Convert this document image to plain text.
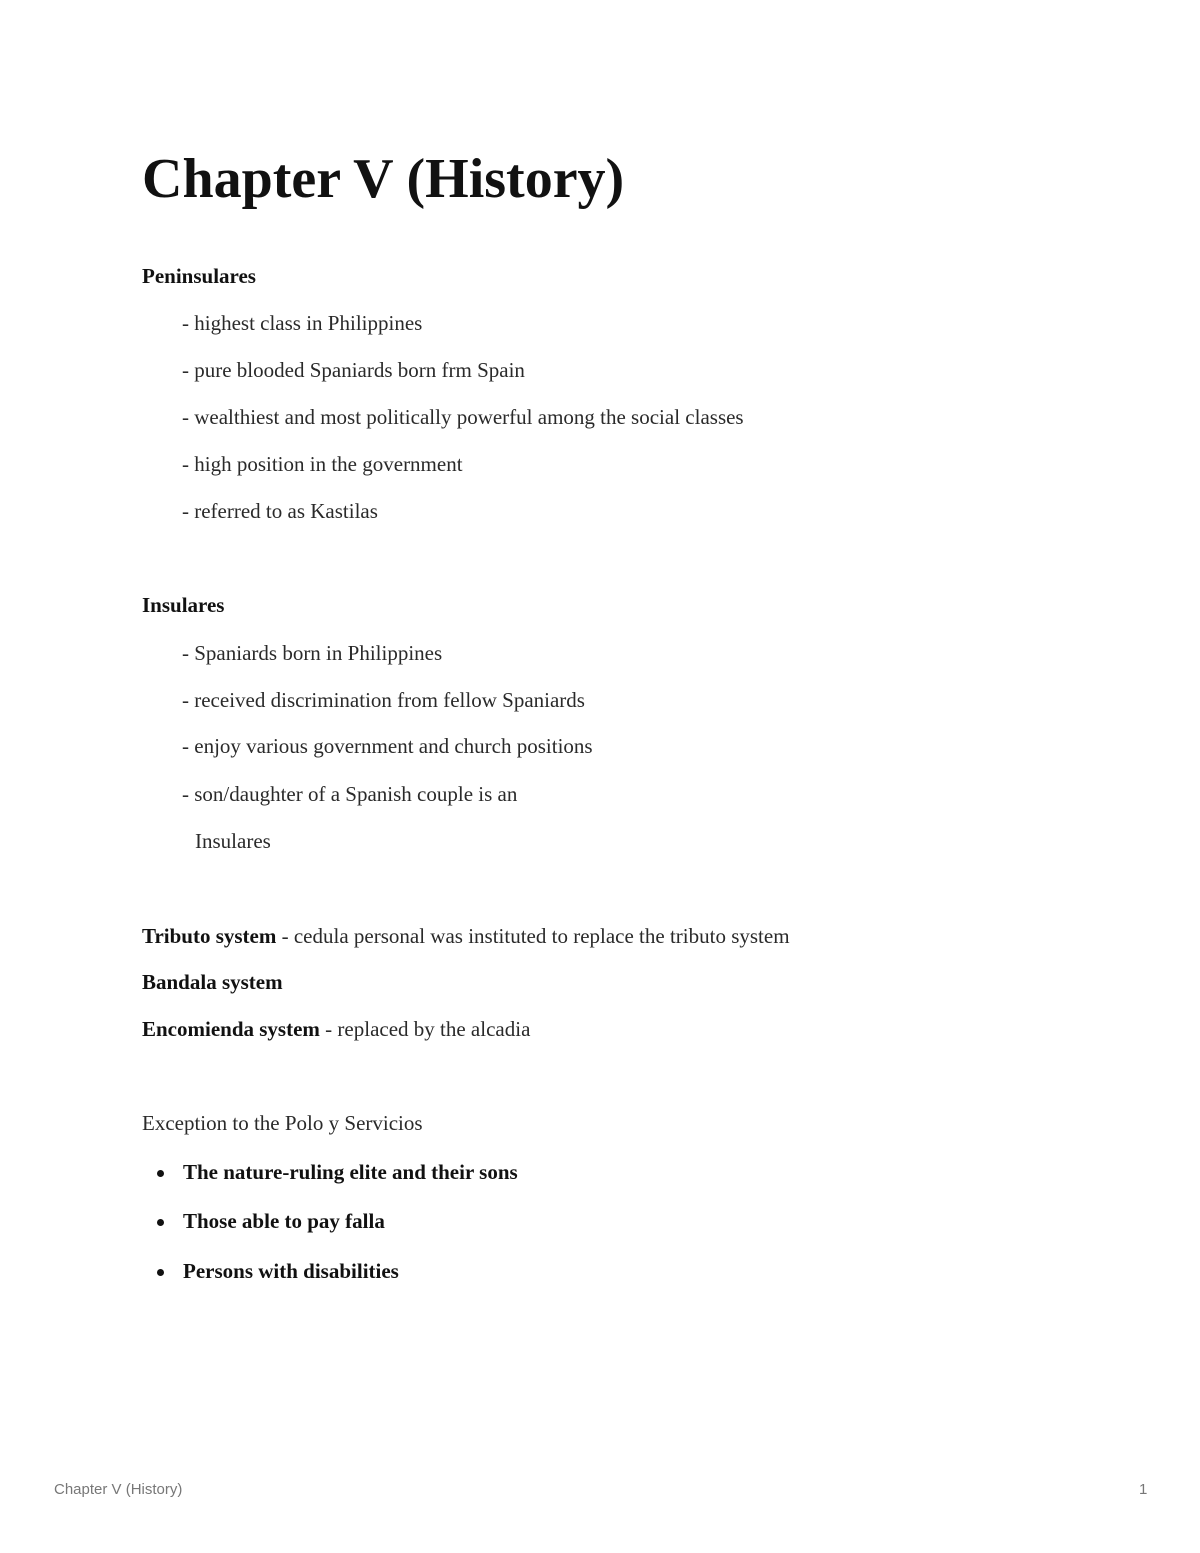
Chapter V (History)
Peninsulares
- highest class in Philippines
- pure blooded Spaniards born frm Spain
- wealthiest and most politically powerful among the social classes
- high position in the government
- referred to as Kastilas
Insulares
- Spaniards born in Philippines
- received discrimination from fellow Spaniards
- enjoy various government and church positions
- son/daughter of a Spanish couple is an
Insulares
Tributo system - cedula personal was instituted to replace the tributo system
Bandala system
Encomienda system - replaced by the alcadia
Exception to the Polo y Servicios
The nature-ruling elite and their sons
Those able to pay falla
Persons with disabilities
Chapter V (History)	1
